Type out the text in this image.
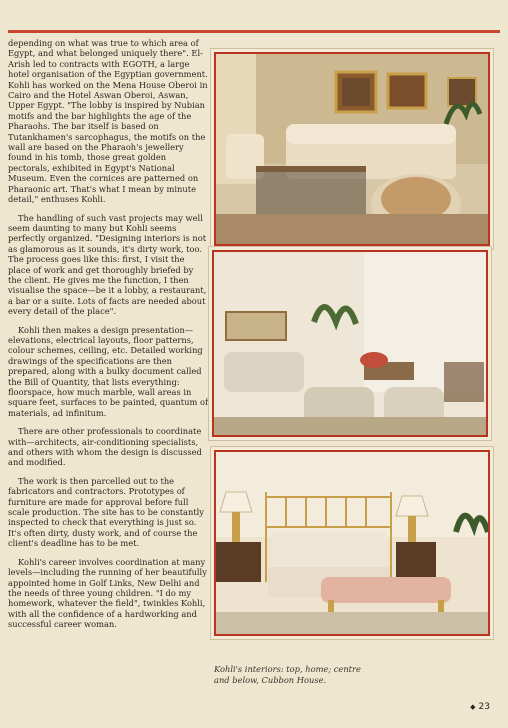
depending on what was true to which area of Egypt, and what belonged uniquely there". El-Arish led to contracts with EGOTH, a large hotel organisation of the Egyptian government. Kohli has worked on the Mena House Oberoi in Cairo and the Hotel Aswan Oberoi, Aswan, Upper Egypt. "The lobby is inspired by Nubian motifs and the bar highlights the age of the Pharaohs. The bar itself is based on Tutankhamen's sarcophagus, the motifs on the wall are based on the Pharaoh's jewellery found in his tomb, those great golden pectorals, exhibited in Egypt's National Museum. Even the cornices are patterned on Pharaonic art. That's what I mean by minute detail," enthuses Kohli.

The handling of such vast projects may well seem daunting to many but Kohli seems perfectly organized. "Designing interiors is not as glamorous as it sounds, it's dirty work, too. The process goes like this: first, I visit the place of work and get thoroughly briefed by the client. He gives me the function, I then visualise the space—be it a lobby, a restaurant, a bar or a suite. Lots of facts are needed about every detail of the place".

Kohli then makes a design presentation—elevations, electrical layouts, floor patterns, colour schemes, ceiling, etc. Detailed working drawings of the specifications are then prepared, along with a bulky document called the Bill of Quantity, that lists everything: floorspace, how much marble, wall areas in square feet, surfaces to be painted, quantum of materials, ad infinitum.

There are other professionals to coordinate with—architects, air-conditioning specialists, and others with whom the design is discussed and modified.

The work is then parcelled out to the fabricators and contractors. Prototypes of furniture are made for approval before full scale production. The site has to be constantly inspected to check that everything is just so. It's often dirty, dusty work, and of course the client's deadline has to be met.

Kohli's career involves coordination at many levels—including the running of her beautifully appointed home in Golf Links, New Delhi and the needs of three young children. "I do my homework, whatever the field", twinkles Kohli, with all the confidence of a hardworking and successful career woman.

Kohli's interiors: top, home; centre and below, Cubbon House.
◆ 23
